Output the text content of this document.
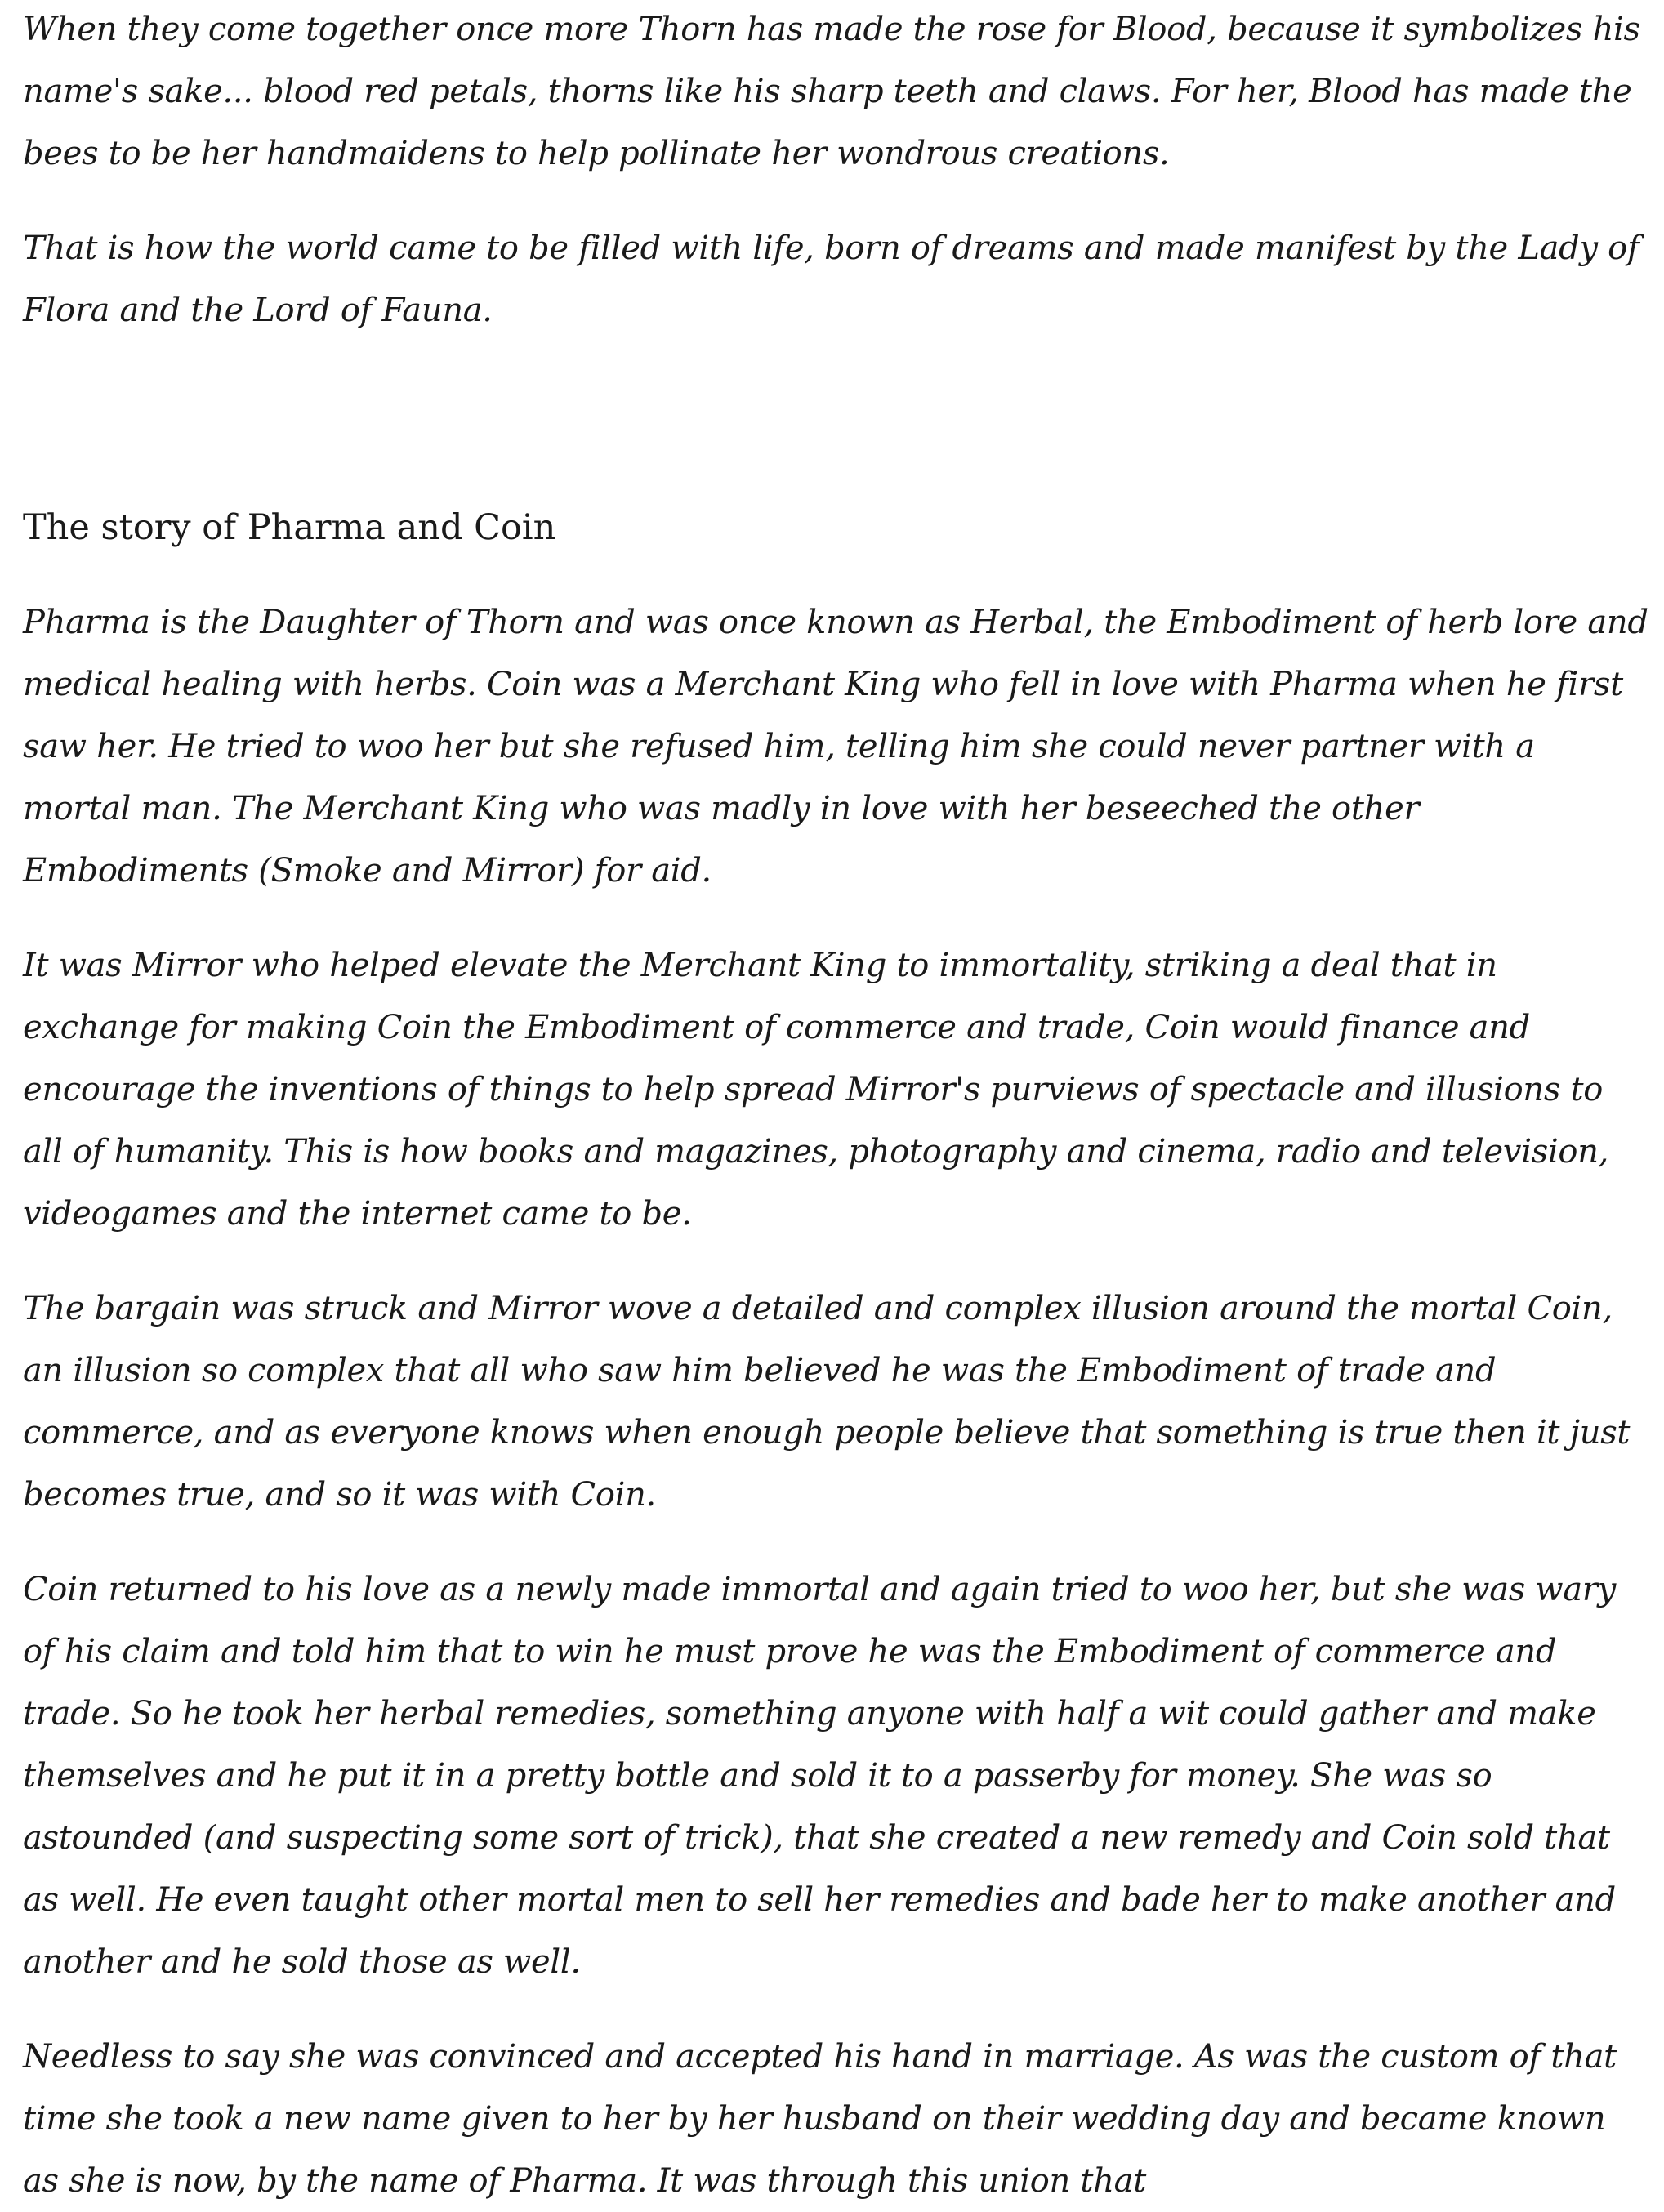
When they come together once more Thorn has made the rose for Blood, because it symbolizes his name's sake... blood red petals, thorns like his sharp teeth and claws. For her, Blood has made the bees to be her handmaidens to help pollinate her wondrous creations.

That is how the world came to be filled with life, born of dreams and made manifest by the Lady of Flora and the Lord of Fauna.

The story of Pharma and Coin

Pharma is the Daughter of Thorn and was once known as Herbal, the Embodiment of herb lore and medical healing with herbs. Coin was a Merchant King who fell in love with Pharma when he first saw her. He tried to woo her but she refused him, telling him she could never partner with a mortal man. The Merchant King who was madly in love with her beseeched the other Embodiments (Smoke and Mirror) for aid.

It was Mirror who helped elevate the Merchant King to immortality, striking a deal that in exchange for making Coin the Embodiment of commerce and trade, Coin would finance and encourage the inventions of things to help spread Mirror's purviews of spectacle and illusions to all of humanity. This is how books and magazines, photography and cinema, radio and television, videogames and the internet came to be.

The bargain was struck and Mirror wove a detailed and complex illusion around the mortal Coin, an illusion so complex that all who saw him believed he was the Embodiment of trade and commerce, and as everyone knows when enough people believe that something is true then it just becomes true, and so it was with Coin.

Coin returned to his love as a newly made immortal and again tried to woo her, but she was wary of his claim and told him that to win he must prove he was the Embodiment of commerce and trade. So he took her herbal remedies, something anyone with half a wit could gather and make themselves and he put it in a pretty bottle and sold it to a passerby for money. She was so astounded (and suspecting some sort of trick), that she created a new remedy and Coin sold that as well. He even taught other mortal men to sell her remedies and bade her to make another and another and he sold those as well.

Needless to say she was convinced and accepted his hand in marriage. As was the custom of that time she took a new name given to her by her husband on their wedding day and became known as she is now, by the name of Pharma. It was through this union that
